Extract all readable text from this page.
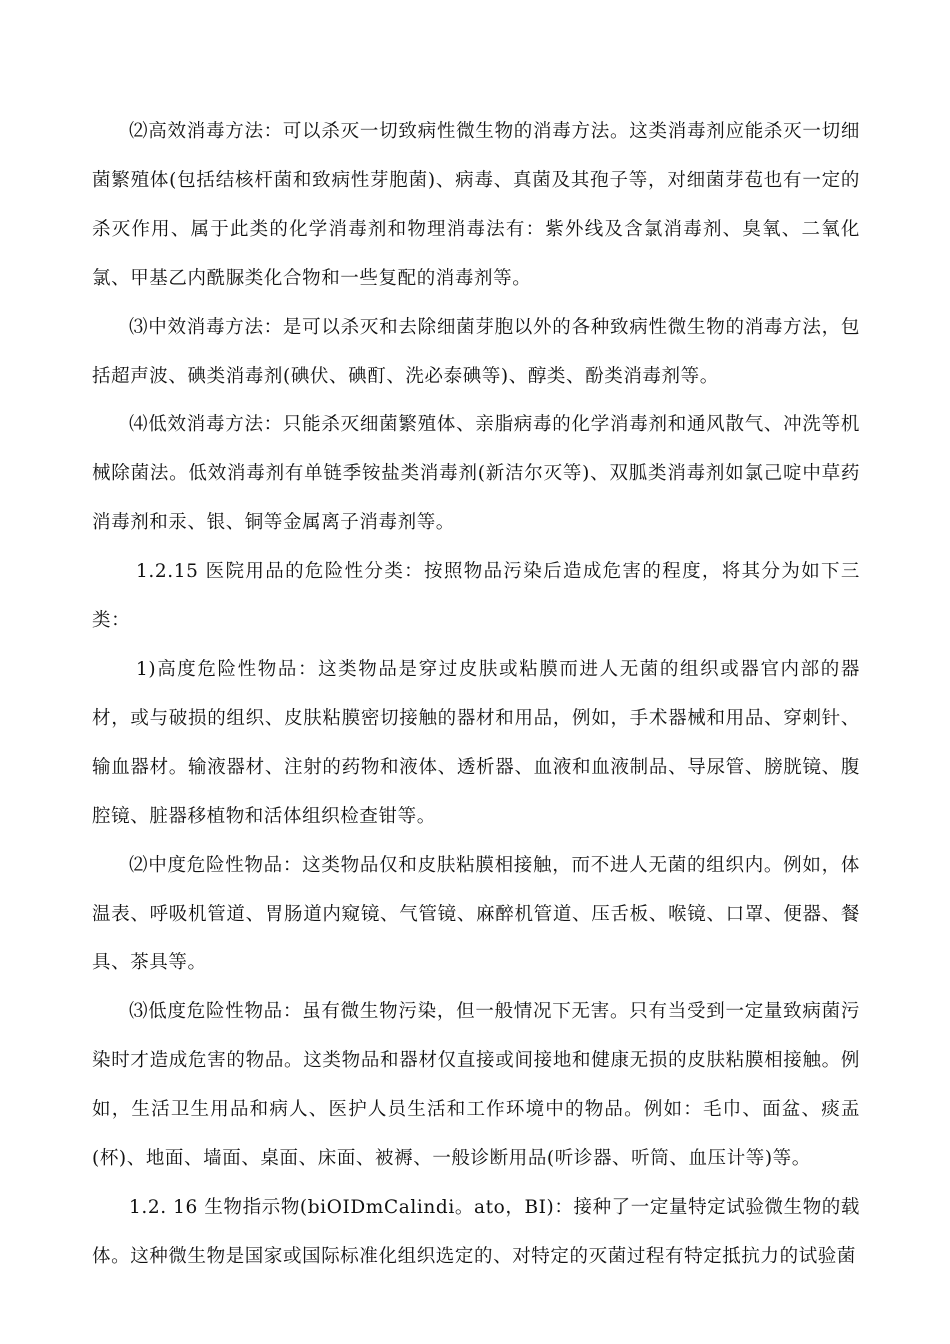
⑵高效消毒方法：可以杀灭一切致病性微生物的消毒方法。这类消毒剂应能杀灭一切细菌繁殖体(包括结核杆菌和致病性芽胞菌)、病毒、真菌及其孢子等，对细菌芽苞也有一定的杀灭作用、属于此类的化学消毒剂和物理消毒法有：紫外线及含氯消毒剂、臭氧、二氧化氯、甲基乙内酰脲类化合物和一些复配的消毒剂等。

⑶中效消毒方法：是可以杀灭和去除细菌芽胞以外的各种致病性微生物的消毒方法，包括超声波、碘类消毒剂(碘伏、碘酊、洗必泰碘等)、醇类、酚类消毒剂等。

⑷低效消毒方法：只能杀灭细菌繁殖体、亲脂病毒的化学消毒剂和通风散气、冲洗等机械除菌法。低效消毒剂有单链季铵盐类消毒剂(新洁尔灭等)、双胍类消毒剂如氯己啶中草药消毒剂和汞、银、铜等金属离子消毒剂等。

1.2.15 医院用品的危险性分类：按照物品污染后造成危害的程度，将其分为如下三类：

1)高度危险性物品：这类物品是穿过皮肤或粘膜而进人无菌的组织或器官内部的器材，或与破损的组织、皮肤粘膜密切接触的器材和用品，例如，手术器械和用品、穿刺针、输血器材。输液器材、注射的药物和液体、透析器、血液和血液制品、导尿管、膀胱镜、腹腔镜、脏器移植物和活体组织检查钳等。

⑵中度危险性物品：这类物品仅和皮肤粘膜相接触，而不进人无菌的组织内。例如，体温表、呼吸机管道、胃肠道内窥镜、气管镜、麻醉机管道、压舌板、喉镜、口罩、便器、餐具、茶具等。

⑶低度危险性物品：虽有微生物污染，但一般情况下无害。只有当受到一定量致病菌污染时才造成危害的物品。这类物品和器材仅直接或间接地和健康无损的皮肤粘膜相接触。例如，生活卫生用品和病人、医护人员生活和工作环境中的物品。例如：毛巾、面盆、痰盂(杯)、地面、墙面、桌面、床面、被褥、一般诊断用品(听诊器、听筒、血压计等)等。

1.2. 16 生物指示物(biOIDmCalindi。ato，BI)：接种了一定量特定试验微生物的载体。这种微生物是国家或国际标准化组织选定的、对特定的灭菌过程有特定抵抗力的试验菌
